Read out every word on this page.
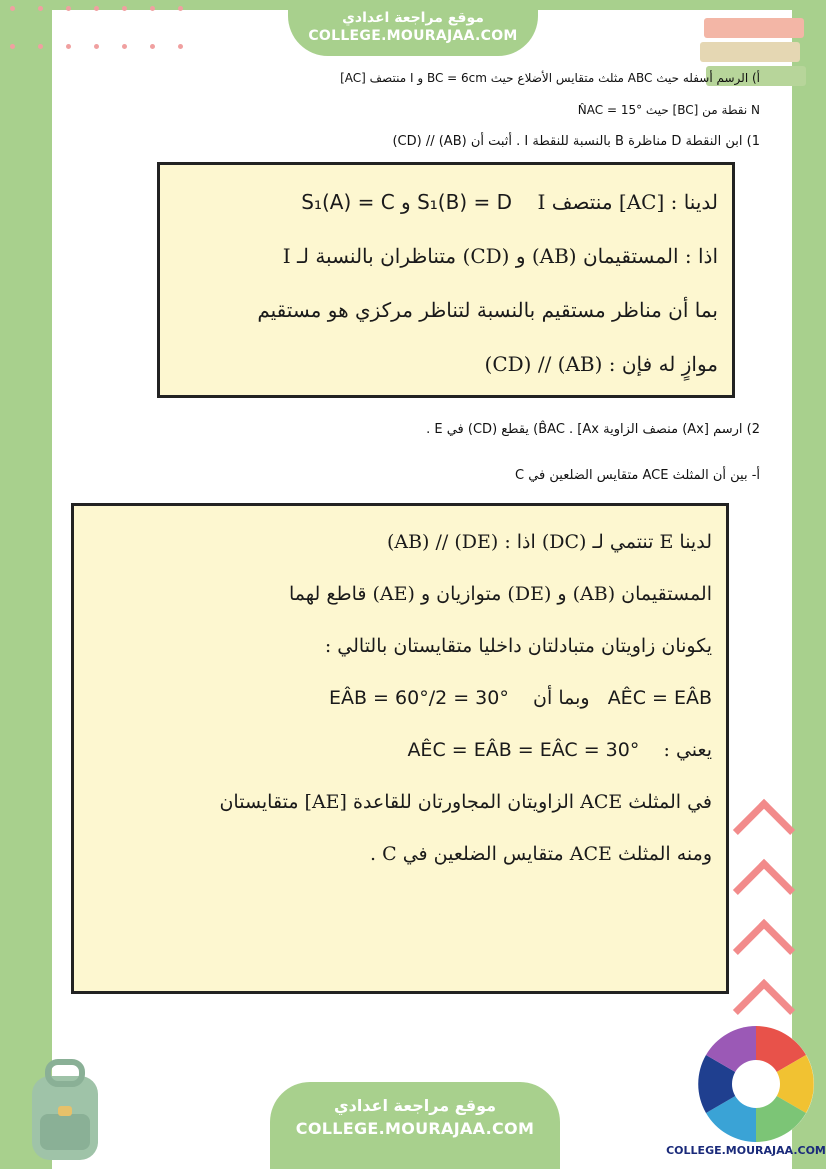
موقع مراجعة اعدادي
COLLEGE.MOURAJAA.COM
أ) الرسم أسفله حيث ABC مثلث متقايس الأضلاع حيث BC = 6cm و I منتصف [AC]
N نقطة من [BC] حيث N̂AC = 15°
1) ابن النقطة D مناظرة B بالنسبة للنقطة I . أثبت أن (AB) // (CD)

لدينا : [AC] منتصف I    S₁(A) = C و S₁(B) = D

اذا : المستقيمان (AB) و (CD) متناظران بالنسبة لـ I

بما أن مناظر مستقيم بالنسبة لتناظر مركزي هو مستقيم

موازٍ له فإن : (AB) // (CD)

2) ارسم [Ax) منصف الزاوية B̂AC . [Ax) يقطع (CD) في E .
أ- بين أن المثلث ACE متقايس الضلعين في C

لدينا E تنتمي لـ (DC) اذا : (DE) // (AB)

المستقيمان (AB) و (DE) متوازيان و (AE) قاطع لهما

يكونان زاويتان متبادلتان داخليا متقايستان بالتالي :

AÊC = EÂB   وبما أن    EÂB = 60°/2 = 30°

يعني :    AÊC = EÂB = EÂC = 30°

في المثلث ACE الزاويتان المجاورتان للقاعدة [AE] متقايستان

ومنه المثلث ACE متقايس الضلعين في C .

موقع مراجعة اعدادي
COLLEGE.MOURAJAA.COM
COLLEGE.MOURAJAA.COM
